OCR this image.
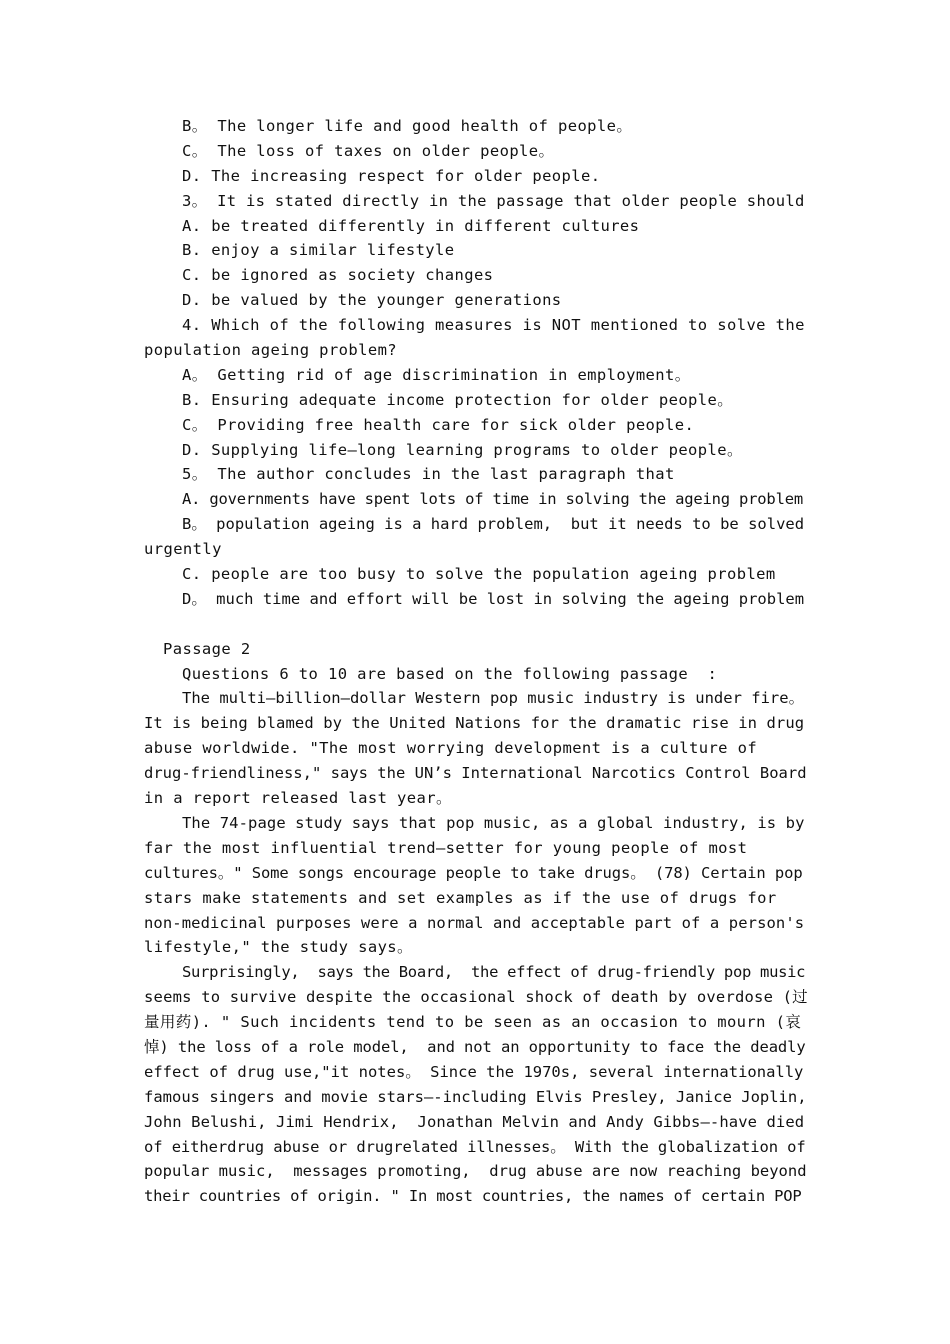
B。 The longer life and good health of people。
C。 The loss of taxes on older people。
D. The increasing respect for older people.
3。 It is stated directly in the passage that older people should
A. be treated differently in different cultures
B. enjoy a similar lifestyle
C. be ignored as society changes
D. be valued by the younger generations
4. Which of the following measures is NOT mentioned to solve the
population ageing problem?
A。 Getting rid of age discrimination in employment。
B. Ensuring adequate income protection for older people。
C。 Providing free health care for sick older people.
D. Supplying life—long learning programs to older people。
5。 The author concludes in the last paragraph that
A. governments have spent lots of time in solving the ageing problem
B。 population ageing is a hard problem,  but it needs to be solved
urgently
C. people are too busy to solve the population ageing problem
D。 much time and effort will be lost in solving the ageing problem
Passage 2
Questions 6 to 10 are based on the following passage  :
The multi—billion—dollar Western pop music industry is under fire。
It is being blamed by the United Nations for the dramatic rise in drug
abuse worldwide. "The most worrying development is a culture of
drug-friendliness," says the UN’s International Narcotics Control Board
in a report released last year。
The 74-page study says that pop music, as a global industry, is by
far the most influential trend—setter for young people of most
cultures。" Some songs encourage people to take drugs。 (78) Certain pop
stars make statements and set examples as if the use of drugs for
non-medicinal purposes were a normal and acceptable part of a person's
lifestyle," the study says。
Surprisingly,  says the Board,  the effect of drug-friendly pop music
seems to survive despite the occasional shock of death by overdose (过
量用药). " Such incidents tend to be seen as an occasion to mourn (哀
悼) the loss of a role model,  and not an opportunity to face the deadly
effect of drug use,"it notes。 Since the 1970s, several internationally
famous singers and movie stars—-including Elvis Presley, Janice Joplin,
John Belushi, Jimi Hendrix,  Jonathan Melvin and Andy Gibbs—-have died
of eitherdrug abuse or drugrelated illnesses。 With the globalization of
popular music,  messages promoting,  drug abuse are now reaching beyond
their countries of origin. " In most countries, the names of certain POP
